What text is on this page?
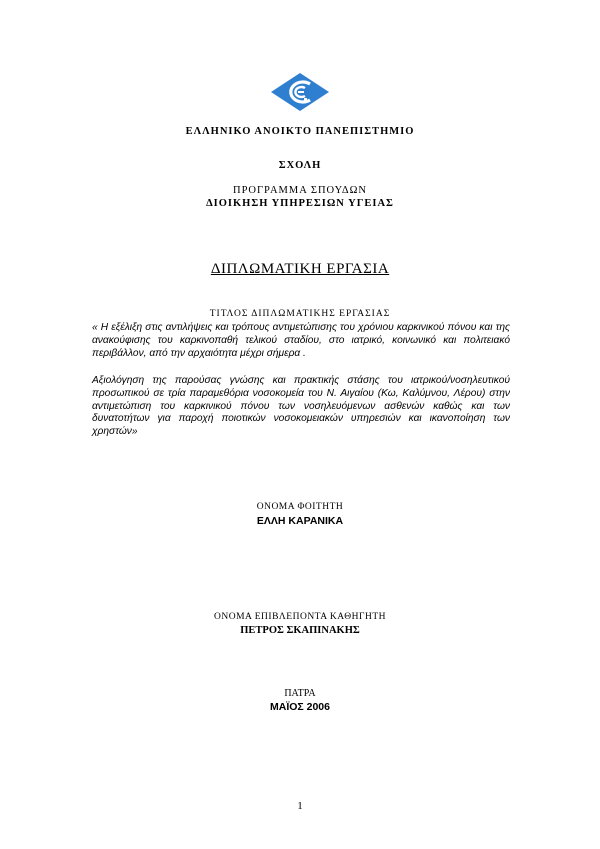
ΕΛΛΗΝΙΚΟ ΑΝΟΙΚΤΟ ΠΑΝΕΠΙΣΤΗΜΙΟ
ΣΧΟΛΗ
ΠΡΟΓΡΑΜΜΑ ΣΠΟΥΔΩΝ
ΔΙΟΙΚΗΣΗ ΥΠΗΡΕΣΙΩΝ ΥΓΕΙΑΣ
ΔΙΠΛΩΜΑΤΙΚΗ ΕΡΓΑΣΙΑ
ΤΙΤΛΟΣ ΔΙΠΛΩΜΑΤΙΚΗΣ ΕΡΓΑΣΙΑΣ
« Η εξέλιξη στις αντιλήψεις και τρόπους αντιμετώπισης του χρόνιου καρκινικού πόνου και της ανακούφισης του καρκινοπαθή τελικού σταδίου, στο ιατρικό, κοινωνικό και πολιτειακό περιβάλλον, από την αρχαιότητα μέχρι σήμερα .
Αξιολόγηση της παρούσας γνώσης και πρακτικής στάσης του ιατρικού/νοσηλευτικού προσωπικού σε τρία παραμεθόρια νοσοκομεία του Ν. Αιγαίου (Κω, Καλύμνου, Λέρου) στην αντιμετώπιση του καρκινικού πόνου των νοσηλευόμενων ασθενών καθώς και των δυνατοτήτων για παροχή ποιοτικών νοσοκομειακών υπηρεσιών και ικανοποίηση των χρηστών»
ΟΝΟΜΑ ΦΟΙΤΗΤΗ
ΕΛΛΗ ΚΑΡΑΝΙΚΑ
ΟΝΟΜΑ ΕΠΙΒΛΕΠΟΝΤΑ ΚΑΘΗΓΗΤΗ
ΠΕΤΡΟΣ ΣΚΑΠΙΝΑΚΗΣ
ΠΑΤΡΑ
ΜΑΪΟΣ 2006
1
